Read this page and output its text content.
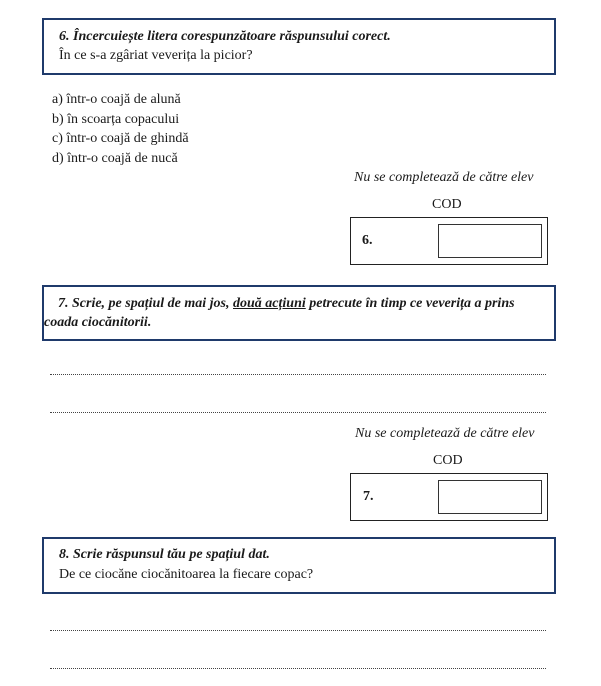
6. Încercuiește litera corespunzătoare răspunsului corect.
În ce s-a zgâriat veverița la picior?
a) într-o coajă de alună
b) în scoarța copacului
c) într-o coajă de ghindă
d) într-o coajă de nucă
Nu se completează de către elev
COD
6.
7. Scrie, pe spațiul de mai jos, două acțiuni petrecute în timp ce veverița a prins
coada ciocănitorii.
Nu se completează de către elev
COD
7.
8. Scrie răspunsul tău pe spațiul dat.
De ce ciocăne ciocănitoarea la fiecare copac?
